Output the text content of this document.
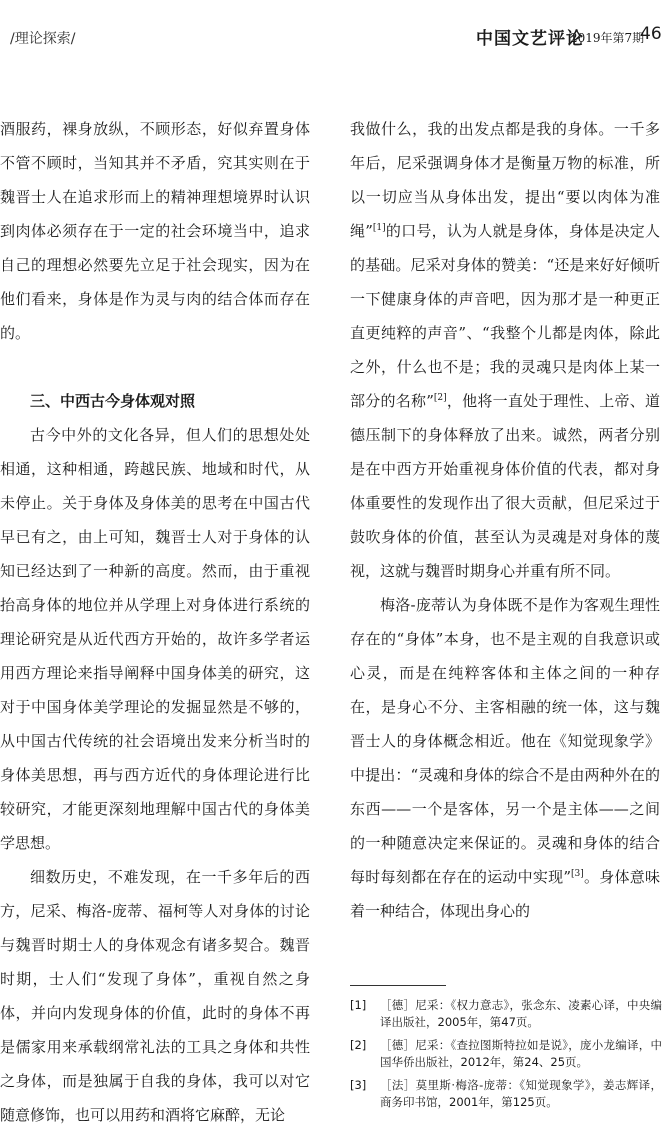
/理论探索/	中国文艺评论
2019年第7期
46

酒服药，裸身放纵，不顾形态，好似弃置身体不管不顾时，当知其并不矛盾，究其实则在于魏晋士人在追求形而上的精神理想境界时认识到肉体必须存在于一定的社会环境当中，追求自己的理想必然要先立足于社会现实，因为在他们看来，身体是作为灵与肉的结合体而存在的。

三、中西古今身体观对照

古今中外的文化各异，但人们的思想处处相通，这种相通，跨越民族、地域和时代，从未停止。关于身体及身体美的思考在中国古代早已有之，由上可知，魏晋士人对于身体的认知已经达到了一种新的高度。然而，由于重视抬高身体的地位并从学理上对身体进行系统的理论研究是从近代西方开始的，故许多学者运用西方理论来指导阐释中国身体美的研究，这对于中国身体美学理论的发掘显然是不够的，从中国古代传统的社会语境出发来分析当时的身体美思想，再与西方近代的身体理论进行比较研究，才能更深刻地理解中国古代的身体美学思想。

细数历史，不难发现，在一千多年后的西方，尼采、梅洛-庞蒂、福柯等人对身体的讨论与魏晋时期士人的身体观念有诸多契合。魏晋时期，士人们“发现了身体”，重视自然之身体，并向内发现身体的价值，此时的身体不再是儒家用来承载纲常礼法的工具之身体和共性之身体，而是独属于自我的身体，我可以对它随意修饰，也可以用药和酒将它麻醉，无论

我做什么，我的出发点都是我的身体。一千多年后，尼采强调身体才是衡量万物的标准，所以一切应当从身体出发，提出“要以肉体为准绳”[1]的口号，认为人就是身体，身体是决定人的基础。尼采对身体的赞美：“还是来好好倾听一下健康身体的声音吧，因为那才是一种更正直更纯粹的声音”、“我整个儿都是肉体，除此之外，什么也不是；我的灵魂只是肉体上某一部分的名称”[2]，他将一直处于理性、上帝、道德压制下的身体释放了出来。诚然，两者分别是在中西方开始重视身体价值的代表，都对身体重要性的发现作出了很大贡献，但尼采过于鼓吹身体的价值，甚至认为灵魂是对身体的蔑视，这就与魏晋时期身心并重有所不同。

梅洛-庞蒂认为身体既不是作为客观生理性存在的“身体”本身，也不是主观的自我意识或心灵，而是在纯粹客体和主体之间的一种存在，是身心不分、主客相融的统一体，这与魏晋士人的身体概念相近。他在《知觉现象学》中提出：“灵魂和身体的综合不是由两种外在的东西——一个是客体，另一个是主体——之间的一种随意决定来保证的。灵魂和身体的结合每时每刻都在存在的运动中实现”[3]。身体意味着一种结合，体现出身心的

[1]	［德］尼采：《权力意志》，张念东、凌素心译，中央编译出版社，2005年，第47页。
[2]	［德］尼采：《查拉图斯特拉如是说》，庞小龙编译，中国华侨出版社，2012年，第24、25页。
[3]	［法］莫里斯·梅洛-庞蒂：《知觉现象学》，姜志辉译，商务印书馆，2001年，第125页。
